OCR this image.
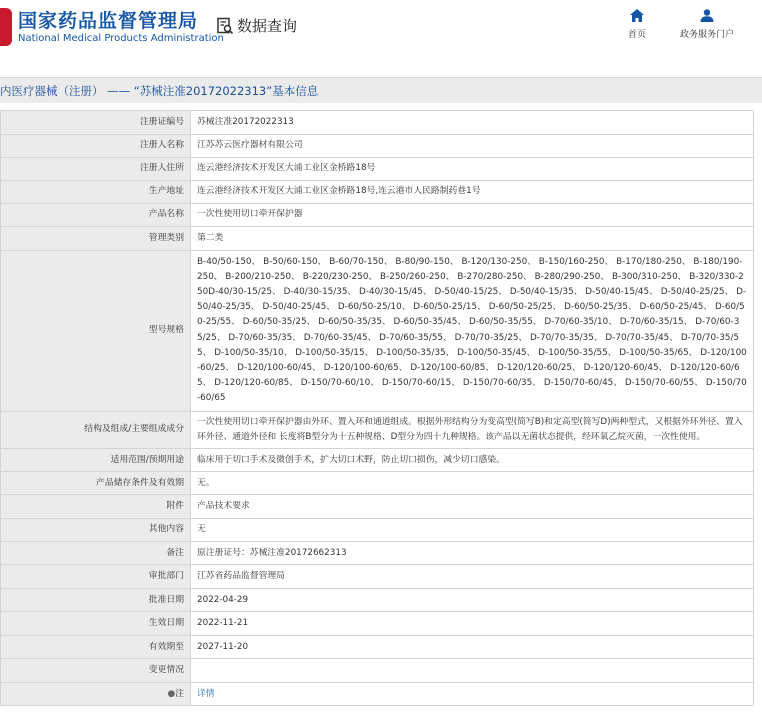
国家药品监督管理局
National Medical Products Administration
数据查询	首页	政务服务门户
内医疗器械（注册） —— “苏械注准20172022313”基本信息
注册证编号	苏械注准20172022313
注册人名称	江苏苏云医疗器材有限公司
注册人住所	连云港经济技术开发区大浦工业区金桥路18号
生产地址	连云港经济技术开发区大浦工业区金桥路18号,连云港市人民路制药巷1号
产品名称	一次性使用切口牵开保护器
管理类别	第二类
型号规格	B-40/50-150、 B-50/60-150、 B-60/70-150、 B-80/90-150、 B-120/130-250、 B-150/160-250、 B-170/180-250、 B-180/190-250、 B-200/210-250、 B-220/230-250、 B-250/260-250、 B-270/280-250、 B-280/290-250、 B-300/310-250、 B-320/330-250D-40/30-15/25、 D-40/30-15/35、 D-40/30-15/45、 D-50/40-15/25、 D-50/40-15/35、 D-50/40-15/45、 D-50/40-25/25、 D-50/40-25/35、 D-50/40-25/45、 D-60/50-25/10、 D-60/50-25/15、 D-60/50-25/25、 D-60/50-25/35、 D-60/50-25/45、 D-60/50-25/55、 D-60/50-35/25、 D-60/50-35/35、 D-60/50-35/45、 D-60/50-35/55、 D-70/60-35/10、 D-70/60-35/15、 D-70/60-35/25、 D-70/60-35/35、 D-70/60-35/45、 D-70/60-35/55、 D-70/70-35/25、 D-70/70-35/35、 D-70/70-35/45、 D-70/70-35/55、 D-100/50-35/10、 D-100/50-35/15、 D-100/50-35/35、 D-100/50-35/45、 D-100/50-35/55、 D-100/50-35/65、 D-120/100-60/25、 D-120/100-60/45、 D-120/100-60/65、 D-120/100-60/85、 D-120/120-60/25、 D-120/120-60/45、 D-120/120-60/65、 D-120/120-60/85、 D-150/70-60/10、 D-150/70-60/15、 D-150/70-60/35、 D-150/70-60/45、 D-150/70-60/55、 D-150/70-60/65
结构及组成/主要组成成分	一次性使用切口牵开保护器由外环、置入环和通道组成。根据外形结构分为变高型(简写B)和定高型(简写D)两种型式，又根据外环外径、置入环外径、通道外径和 长度将B型分为十五种规格、D型分为四十九种规格。该产品以无菌状态提供，经环氧乙烷灭菌，一次性使用。
适用范围/预期用途	临床用于切口手术及微创手术，扩大切口术野，防止切口损伤，减少切口感染。
产品储存条件及有效期	无。
附件	产品技术要求
其他内容	无
备注	原注册证号：苏械注准20172662313
审批部门	江苏省药品监督管理局
批准日期	2022-04-29
生效日期	2022-11-21
有效期至	2027-11-20
变更情况	
●注	详情
